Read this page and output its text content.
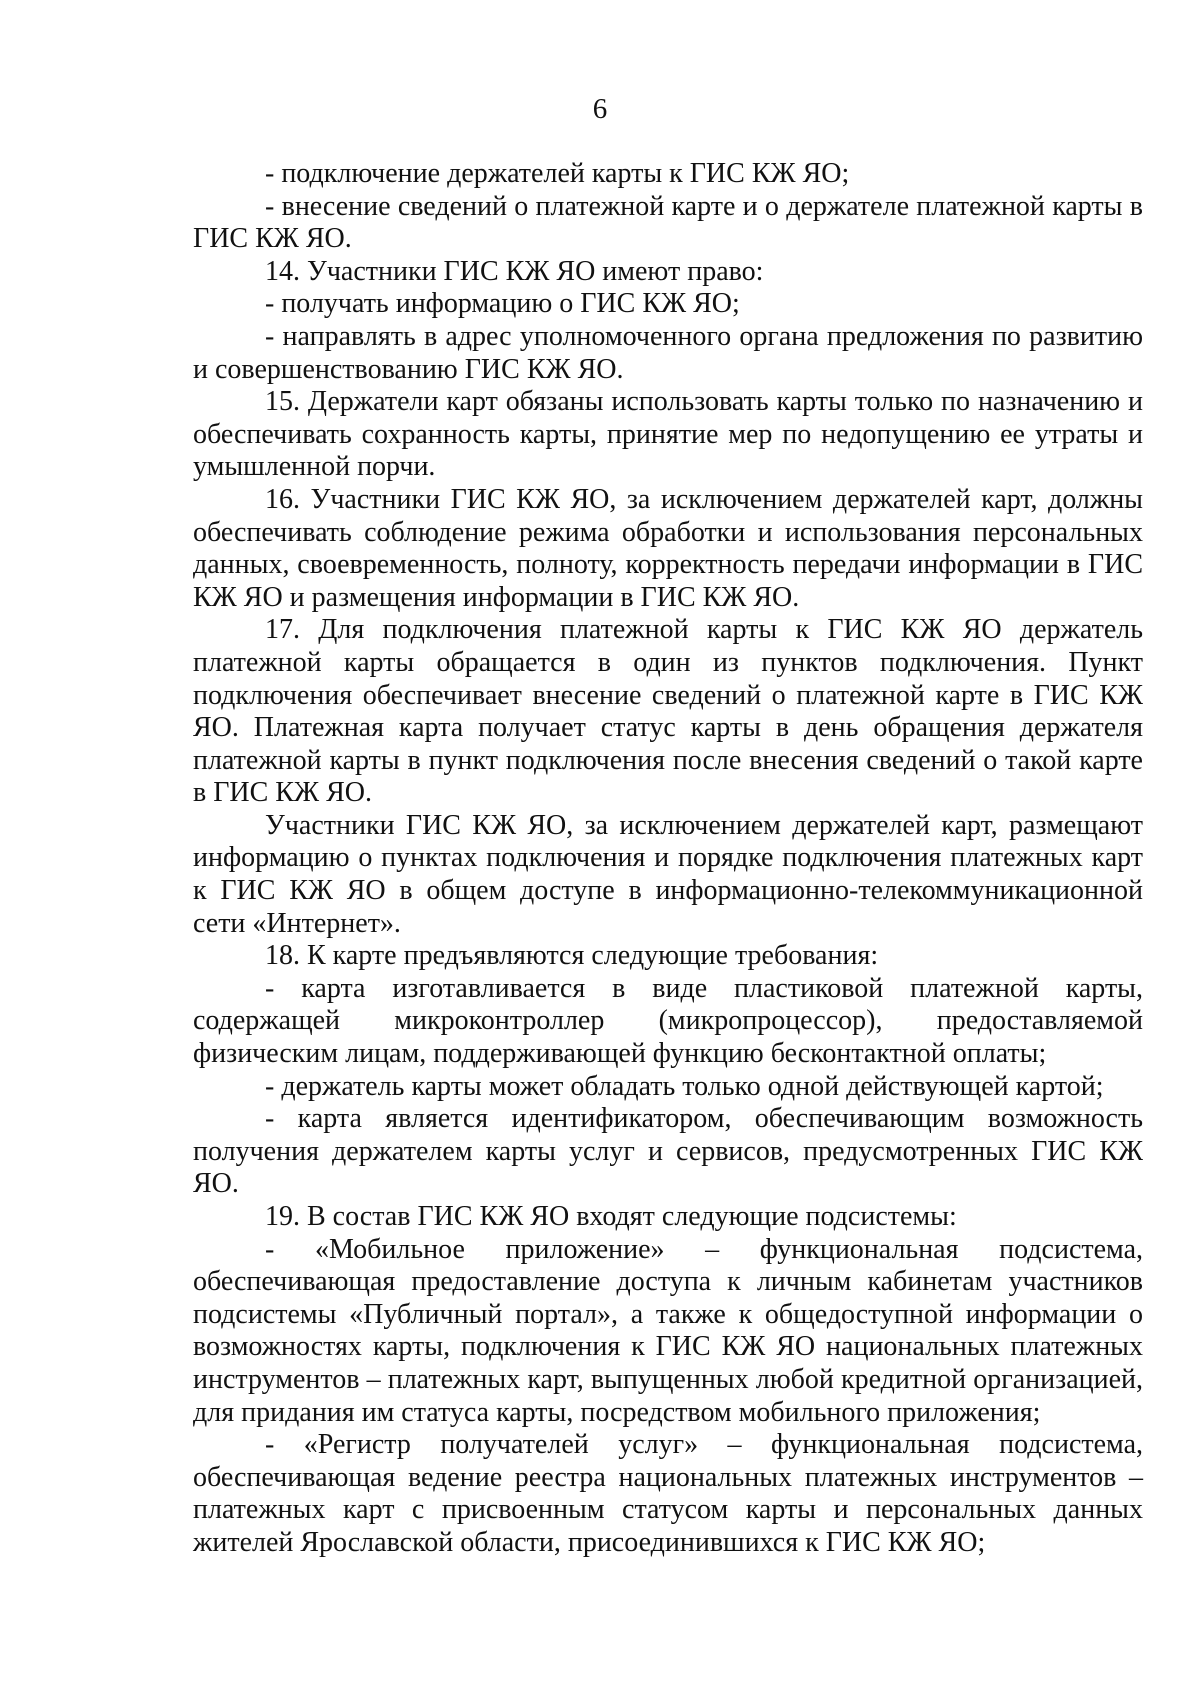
6

- подключение держателей карты к ГИС КЖ ЯО;

- внесение сведений о платежной карте и о держателе платежной карты в ГИС КЖ ЯО.

14. Участники ГИС КЖ ЯО имеют право:

- получать информацию о ГИС КЖ ЯО;

- направлять в адрес уполномоченного органа предложения по развитию и совершенствованию ГИС КЖ ЯО.

15. Держатели карт обязаны использовать карты только по назначению и обеспечивать сохранность карты, принятие мер по недопущению ее утраты и умышленной порчи.

16. Участники ГИС КЖ ЯО, за исключением держателей карт, должны обеспечивать соблюдение режима обработки и использования персональных данных, своевременность, полноту, корректность передачи информации в ГИС КЖ ЯО и размещения информации в ГИС КЖ ЯО.

17. Для подключения платежной карты к ГИС КЖ ЯО держатель платежной карты обращается в один из пунктов подключения. Пункт подключения обеспечивает внесение сведений о платежной карте в ГИС КЖ ЯО. Платежная карта получает статус карты в день обращения держателя платежной карты в пункт подключения после внесения сведений о такой карте в ГИС КЖ ЯО.

Участники ГИС КЖ ЯО, за исключением держателей карт, размещают информацию о пунктах подключения и порядке подключения платежных карт к ГИС КЖ ЯО в общем доступе в информационно-телекоммуникационной сети «Интернет».

18. К карте предъявляются следующие требования:

- карта изготавливается в виде пластиковой платежной карты, содержащей микроконтроллер (микропроцессор), предоставляемой физическим лицам, поддерживающей функцию бесконтактной оплаты;

- держатель карты может обладать только одной действующей картой;

- карта является идентификатором, обеспечивающим возможность получения держателем карты услуг и сервисов, предусмотренных ГИС КЖ ЯО.

19. В состав ГИС КЖ ЯО входят следующие подсистемы:

- «Мобильное приложение» – функциональная подсистема, обеспечивающая предоставление доступа к личным кабинетам участников подсистемы «Публичный портал», а также к общедоступной информации о возможностях карты, подключения к ГИС КЖ ЯО национальных платежных инструментов – платежных карт, выпущенных любой кредитной организацией, для придания им статуса карты, посредством мобильного приложения;

- «Регистр получателей услуг» – функциональная подсистема, обеспечивающая ведение реестра национальных платежных инструментов – платежных карт с присвоенным статусом карты и персональных данных жителей Ярославской области, присоединившихся к ГИС КЖ ЯО;
